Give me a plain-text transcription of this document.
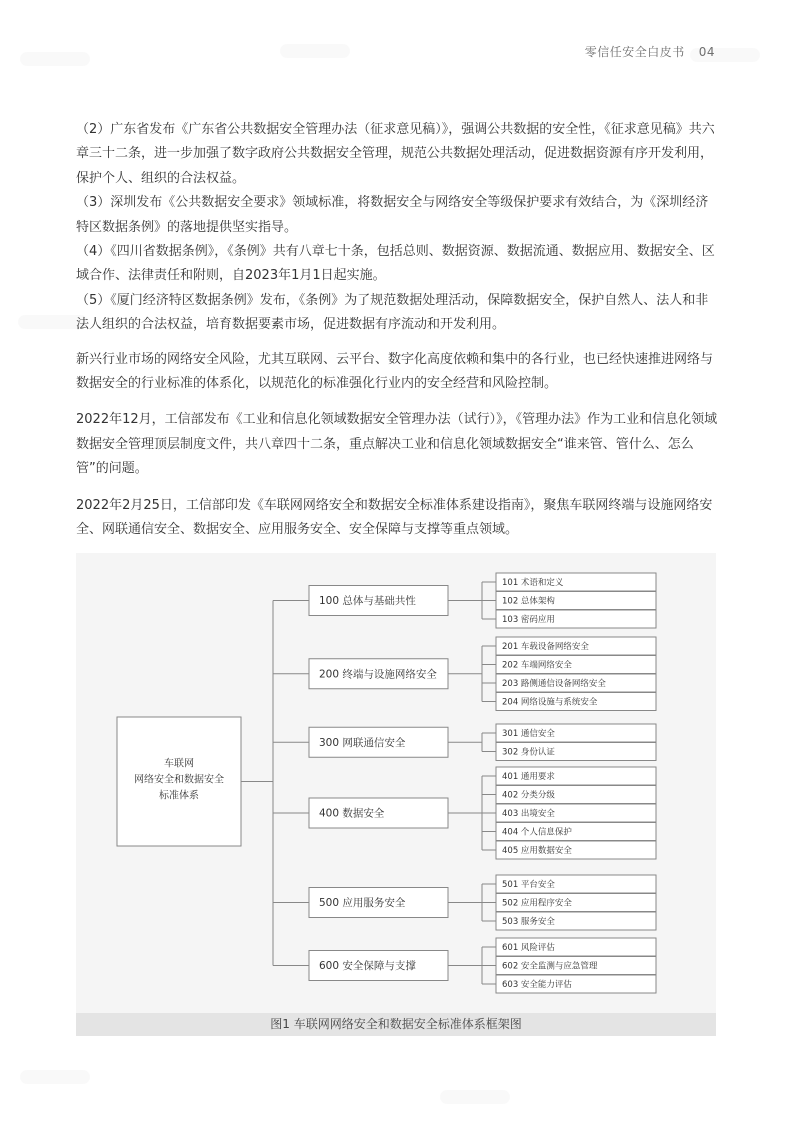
零信任安全白皮书 04

（2）广东省发布《广东省公共数据安全管理办法（征求意见稿）》，强调公共数据的安全性，《征求意见稿》共六章三十二条，进一步加强了数字政府公共数据安全管理，规范公共数据处理活动，促进数据资源有序开发利用，保护个人、组织的合法权益。

（3）深圳发布《公共数据安全要求》领域标准，将数据安全与网络安全等级保护要求有效结合，为《深圳经济特区数据条例》的落地提供坚实指导。

（4）《四川省数据条例》，《条例》共有八章七十条，包括总则、数据资源、数据流通、数据应用、数据安全、区域合作、法律责任和附则，自2023年1月1日起实施。

（5）《厦门经济特区数据条例》发布，《条例》为了规范数据处理活动，保障数据安全，保护自然人、法人和非法人组织的合法权益，培育数据要素市场，促进数据有序流动和开发利用。

新兴行业市场的网络安全风险，尤其互联网、云平台、数字化高度依赖和集中的各行业，也已经快速推进网络与数据安全的行业标准的体系化，以规范化的标准强化行业内的安全经营和风险控制。

2022年12月，工信部发布《工业和信息化领域数据安全管理办法（试行）》，《管理办法》作为工业和信息化领域数据安全管理顶层制度文件，共八章四十二条，重点解决工业和信息化领域数据安全“谁来管、管什么、怎么管”的问题。

2022年2月25日，工信部印发《车联网网络安全和数据安全标准体系建设指南》，聚焦车联网终端与设施网络安全、网联通信安全、数据安全、应用服务安全、安全保障与支撑等重点领域。

车联网
网络安全和数据安全
标准体系
101 术语和定义
102 总体架构
103 密码应用
100 总体与基础共性
201 车载设备网络安全
202 车端网络安全
203 路侧通信设备网络安全
204 网络设施与系统安全
200 终端与设施网络安全
301 通信安全
302 身份认证
300 网联通信安全
401 通用要求
402 分类分级
403 出境安全
404 个人信息保护
405 应用数据安全
400 数据安全
501 平台安全
502 应用程序安全
503 服务安全
500 应用服务安全
601 风险评估
602 安全监测与应急管理
603 安全能力评估
600 安全保障与支撑
图1 车联网网络安全和数据安全标准体系框架图
